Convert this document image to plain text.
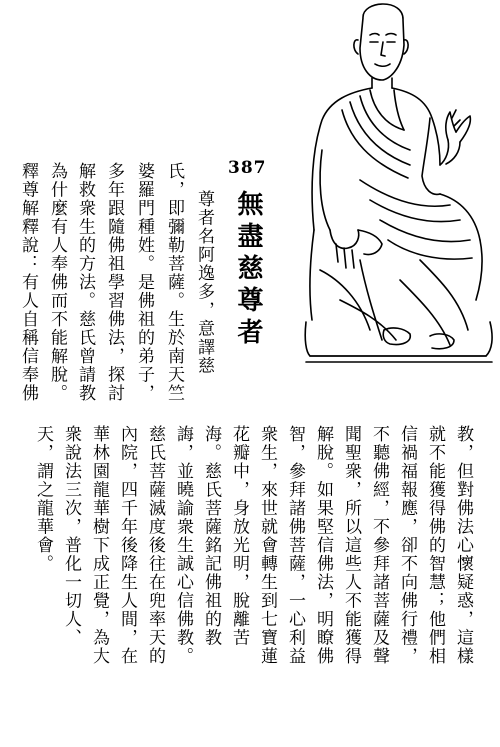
387
無盡慈尊者
尊者名阿逸多，意譯慈
氏，即彌勒菩薩。生於南天竺
婆羅門種姓。是佛祖的弟子，
多年跟隨佛祖學習佛法，探討
解救衆生的方法。慈氏曾請教
為什麼有人奉佛而不能解脫。
釋尊解釋說：有人自稱信奉佛
教，但對佛法心懷疑惑，這樣
就不能獲得佛的智慧；他們相
信禍福報應，卻不向佛行禮，
不聽佛經，不參拜諸菩薩及聲
聞聖衆，所以這些人不能獲得
解脫。如果堅信佛法，明瞭佛
智，參拜諸佛菩薩，一心利益
衆生，來世就會轉生到七寶蓮
花瓣中，身放光明，脫離苦
海。慈氏菩薩銘記佛祖的教
誨，並曉諭衆生誠心信佛教。
慈氏菩薩滅度後往在兜率天的
內院，四千年後降生人間，在
華林園龍華樹下成正覺，為大
衆說法三次，普化一切人、
天，謂之龍華會。
